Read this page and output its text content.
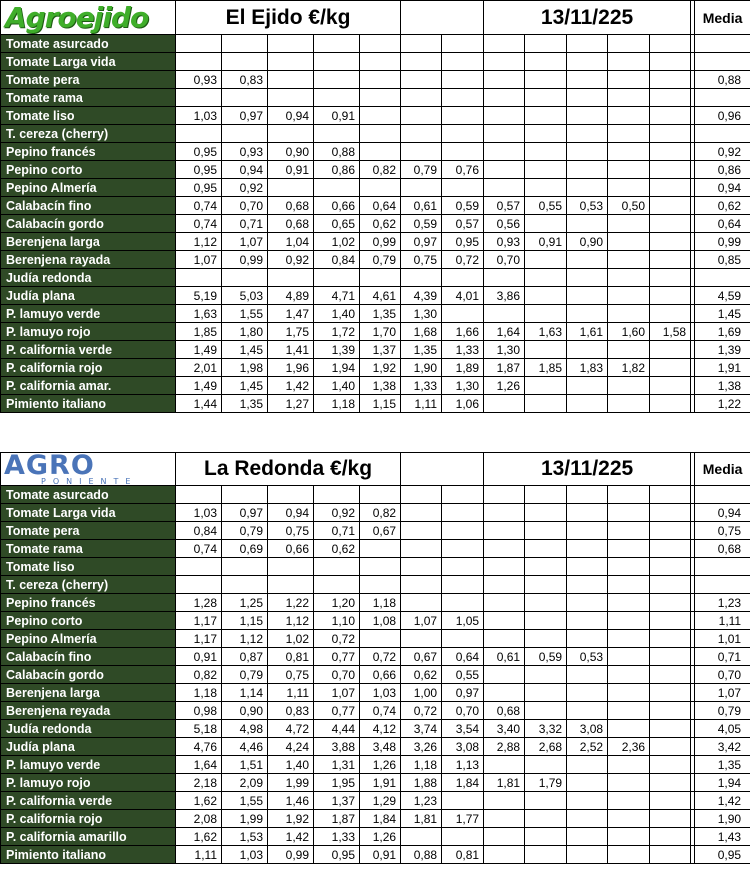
Agroejido	El Ejido €/kg							13/11/225						Media
Tomate asurcado														
Tomate Larga vida														
Tomate pera	0,93	0,83												0,88
Tomate rama														
Tomate liso	1,03	0,97	0,94	0,91										0,96
T. cereza (cherry)														
Pepino francés	0,95	0,93	0,90	0,88										0,92
Pepino corto	0,95	0,94	0,91	0,86	0,82	0,79	0,76							0,86
Pepino Almería	0,95	0,92												0,94
Calabacín fino	0,74	0,70	0,68	0,66	0,64	0,61	0,59	0,57	0,55	0,53	0,50			0,62
Calabacín gordo	0,74	0,71	0,68	0,65	0,62	0,59	0,57	0,56						0,64
Berenjena larga	1,12	1,07	1,04	1,02	0,99	0,97	0,95	0,93	0,91	0,90				0,99
Berenjena rayada	1,07	0,99	0,92	0,84	0,79	0,75	0,72	0,70						0,85
Judía redonda														
Judía plana	5,19	5,03	4,89	4,71	4,61	4,39	4,01	3,86						4,59
P. lamuyo verde	1,63	1,55	1,47	1,40	1,35	1,30								1,45
P. lamuyo rojo	1,85	1,80	1,75	1,72	1,70	1,68	1,66	1,64	1,63	1,61	1,60	1,58		1,69
P. california verde	1,49	1,45	1,41	1,39	1,37	1,35	1,33	1,30						1,39
P. california rojo	2,01	1,98	1,96	1,94	1,92	1,90	1,89	1,87	1,85	1,83	1,82			1,91
P. california amar.	1,49	1,45	1,42	1,40	1,38	1,33	1,30	1,26						1,38
Pimiento italiano	1,44	1,35	1,27	1,18	1,15	1,11	1,06							1,22
AGRO
PONIENTE	La Redonda €/kg							13/11/225						Media
Tomate asurcado														
Tomate Larga vida	1,03	0,97	0,94	0,92	0,82									0,94
Tomate pera	0,84	0,79	0,75	0,71	0,67									0,75
Tomate rama	0,74	0,69	0,66	0,62										0,68
Tomate liso														
T. cereza (cherry)														
Pepino francés	1,28	1,25	1,22	1,20	1,18									1,23
Pepino corto	1,17	1,15	1,12	1,10	1,08	1,07	1,05							1,11
Pepino Almería	1,17	1,12	1,02	0,72										1,01
Calabacín fino	0,91	0,87	0,81	0,77	0,72	0,67	0,64	0,61	0,59	0,53				0,71
Calabacín gordo	0,82	0,79	0,75	0,70	0,66	0,62	0,55							0,70
Berenjena larga	1,18	1,14	1,11	1,07	1,03	1,00	0,97							1,07
Berenjena reyada	0,98	0,90	0,83	0,77	0,74	0,72	0,70	0,68						0,79
Judía redonda	5,18	4,98	4,72	4,44	4,12	3,74	3,54	3,40	3,32	3,08				4,05
Judía plana	4,76	4,46	4,24	3,88	3,48	3,26	3,08	2,88	2,68	2,52	2,36			3,42
P. lamuyo verde	1,64	1,51	1,40	1,31	1,26	1,18	1,13							1,35
P. lamuyo rojo	2,18	2,09	1,99	1,95	1,91	1,88	1,84	1,81	1,79					1,94
P. california verde	1,62	1,55	1,46	1,37	1,29	1,23								1,42
P. california rojo	2,08	1,99	1,92	1,87	1,84	1,81	1,77							1,90
P. california amarillo	1,62	1,53	1,42	1,33	1,26									1,43
Pimiento italiano	1,11	1,03	0,99	0,95	0,91	0,88	0,81							0,95
